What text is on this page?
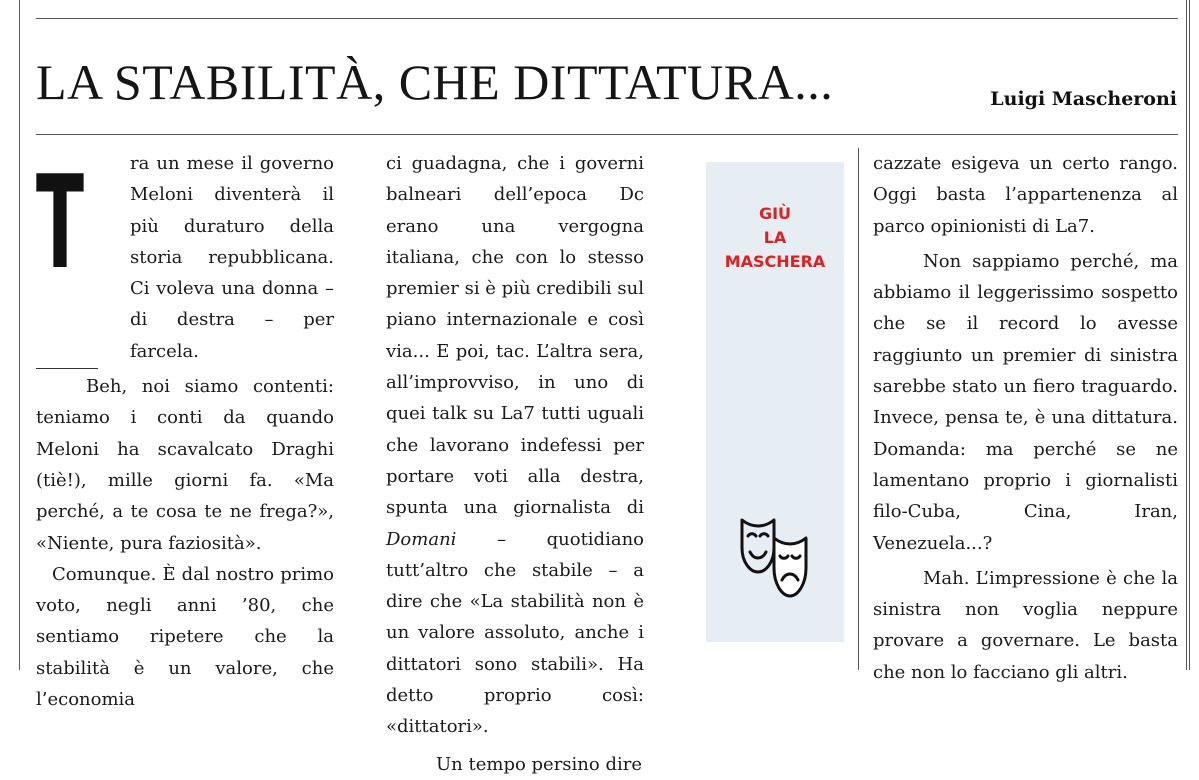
LA STABILITÀ, CHE DITTATURA...	Luigi Mascheroni
T	ra un mese il governo Meloni diventerà il più duraturo della storia repubblicana. Ci voleva una donna – di destra – per farcela.

Beh, noi siamo contenti: teniamo i conti da quando Meloni ha scavalcato Draghi (tiè!), mille giorni fa. «Ma perché, a te cosa te ne frega?», «Niente, pura faziosità».

Comunque. È dal nostro primo voto, negli anni ’80, che sentiamo ripetere che la stabilità è un valore, che l’economia

ci guadagna, che i governi balneari dell’epoca Dc erano una vergogna italiana, che con lo stesso premier si è più credibili sul piano internazionale e così via... E poi, tac. L’altra sera, all’improvviso, in uno di quei talk su La7 tutti uguali che lavorano indefessi per portare voti alla destra, spunta una giornalista di Domani – quotidiano tutt’altro che stabile – a dire che «La stabilità non è un valore assoluto, anche i dittatori sono stabili». Ha detto proprio così: «dittatori».

Un tempo persino dire

GIÙ
LA
MASCHERA

cazzate esigeva un certo rango. Oggi basta l’appartenenza al parco opinionisti di La7.

Non sappiamo perché, ma abbiamo il leggerissimo sospetto che se il record lo avesse raggiunto un premier di sinistra sarebbe stato un fiero traguardo. Invece, pensa te, è una dittatura. Domanda: ma perché se ne lamentano proprio i giornalisti filo-Cuba, Cina, Iran, Venezuela...?

Mah. L’impressione è che la sinistra non voglia neppure provare a governare. Le basta che non lo facciano gli altri.
